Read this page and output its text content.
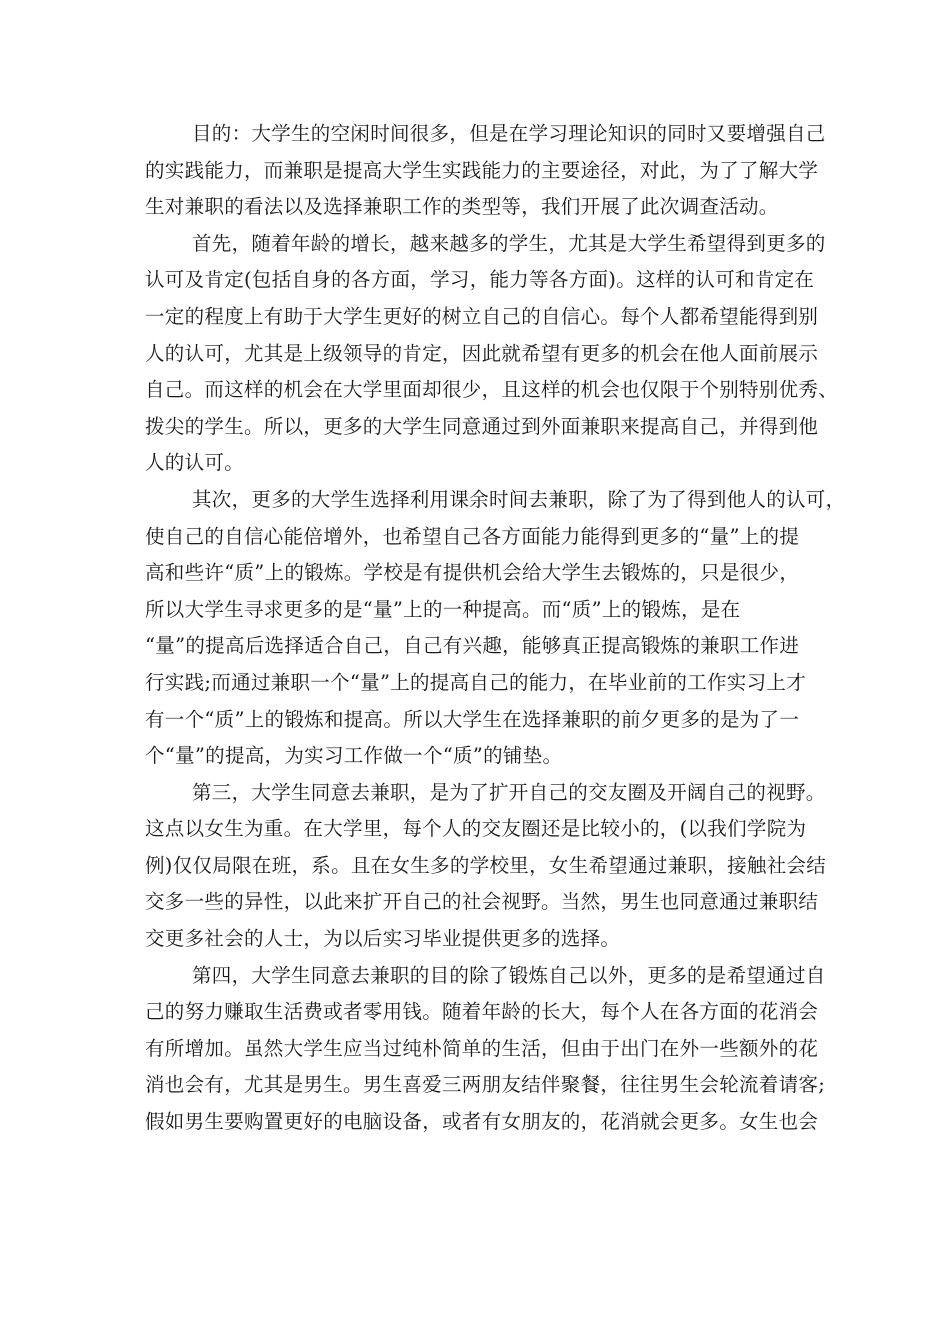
目的：大学生的空闲时间很多，但是在学习理论知识的同时又要增强自己
的实践能力，而兼职是提高大学生实践能力的主要途径，对此，为了了解大学
生对兼职的看法以及选择兼职工作的类型等，我们开展了此次调查活动。
首先，随着年龄的增长，越来越多的学生，尤其是大学生希望得到更多的
认可及肯定(包括自身的各方面，学习，能力等各方面)。这样的认可和肯定在
一定的程度上有助于大学生更好的树立自己的自信心。每个人都希望能得到别
人的认可，尤其是上级领导的肯定，因此就希望有更多的机会在他人面前展示
自己。而这样的机会在大学里面却很少，且这样的机会也仅限于个别特别优秀、
拨尖的学生。所以，更多的大学生同意通过到外面兼职来提高自己，并得到他
人的认可。
其次，更多的大学生选择利用课余时间去兼职，除了为了得到他人的认可，
使自己的自信心能倍增外，也希望自己各方面能力能得到更多的“量”上的提
高和些许“质”上的锻炼。学校是有提供机会给大学生去锻炼的，只是很少，
所以大学生寻求更多的是“量”上的一种提高。而“质”上的锻炼，是在
“量”的提高后选择适合自己，自己有兴趣，能够真正提高锻炼的兼职工作进
行实践;而通过兼职一个“量”上的提高自己的能力，在毕业前的工作实习上才
有一个“质”上的锻炼和提高。所以大学生在选择兼职的前夕更多的是为了一
个“量”的提高，为实习工作做一个“质”的铺垫。
第三，大学生同意去兼职，是为了扩开自己的交友圈及开阔自己的视野。
这点以女生为重。在大学里，每个人的交友圈还是比较小的，(以我们学院为
例)仅仅局限在班，系。且在女生多的学校里，女生希望通过兼职，接触社会结
交多一些的异性，以此来扩开自己的社会视野。当然，男生也同意通过兼职结
交更多社会的人士，为以后实习毕业提供更多的选择。
第四，大学生同意去兼职的目的除了锻炼自己以外，更多的是希望通过自
己的努力赚取生活费或者零用钱。随着年龄的长大，每个人在各方面的花消会
有所增加。虽然大学生应当过纯朴简单的生活，但由于出门在外一些额外的花
消也会有，尤其是男生。男生喜爱三两朋友结伴聚餐，往往男生会轮流着请客;
假如男生要购置更好的电脑设备，或者有女朋友的，花消就会更多。女生也会
